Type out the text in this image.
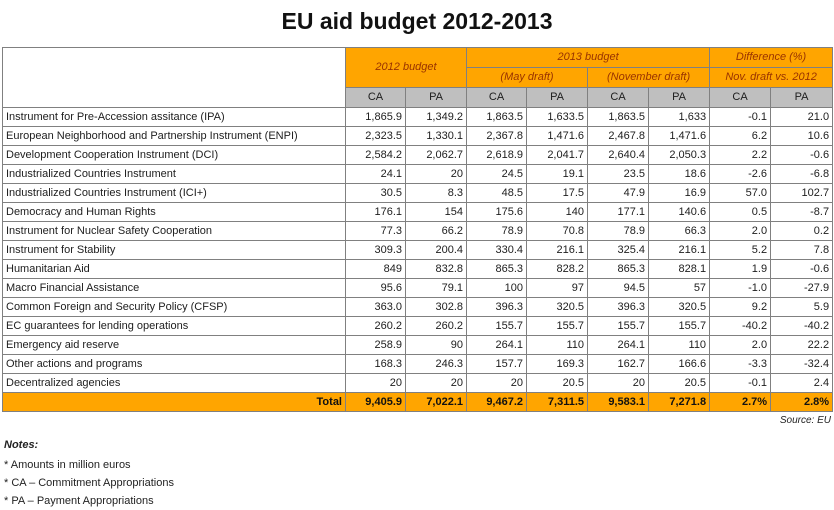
EU aid budget 2012-2013
	2012 budget		2013 budget				Difference (%)	
			(May draft)		(November draft)		Nov. draft vs. 2012	
	CA	PA	CA	PA	CA	PA	CA	PA
Instrument for Pre-Accession assitance (IPA)	1,865.9	1,349.2	1,863.5	1,633.5	1,863.5	1,633	-0.1	21.0
European Neighborhood and Partnership Instrument (ENPI)	2,323.5	1,330.1	2,367.8	1,471.6	2,467.8	1,471.6	6.2	10.6
Development Cooperation Instrument (DCI)	2,584.2	2,062.7	2,618.9	2,041.7	2,640.4	2,050.3	2.2	-0.6
Industrialized Countries Instrument	24.1	20	24.5	19.1	23.5	18.6	-2.6	-6.8
Industrialized Countries Instrument (ICI+)	30.5	8.3	48.5	17.5	47.9	16.9	57.0	102.7
Democracy and Human Rights	176.1	154	175.6	140	177.1	140.6	0.5	-8.7
Instrument for Nuclear Safety Cooperation	77.3	66.2	78.9	70.8	78.9	66.3	2.0	0.2
Instrument for Stability	309.3	200.4	330.4	216.1	325.4	216.1	5.2	7.8
Humanitarian Aid	849	832.8	865.3	828.2	865.3	828.1	1.9	-0.6
Macro Financial Assistance	95.6	79.1	100	97	94.5	57	-1.0	-27.9
Common Foreign and Security Policy (CFSP)	363.0	302.8	396.3	320.5	396.3	320.5	9.2	5.9
EC guarantees for lending operations	260.2	260.2	155.7	155.7	155.7	155.7	-40.2	-40.2
Emergency aid reserve	258.9	90	264.1	110	264.1	110	2.0	22.2
Other actions and programs	168.3	246.3	157.7	169.3	162.7	166.6	-3.3	-32.4
Decentralized agencies	20	20	20	20.5	20	20.5	-0.1	2.4
Total	9,405.9	7,022.1	9,467.2	7,311.5	9,583.1	7,271.8	2.7%	2.8%
Source: EU
Notes:
* Amounts in million euros
* CA – Commitment Appropriations
* PA – Payment Appropriations
